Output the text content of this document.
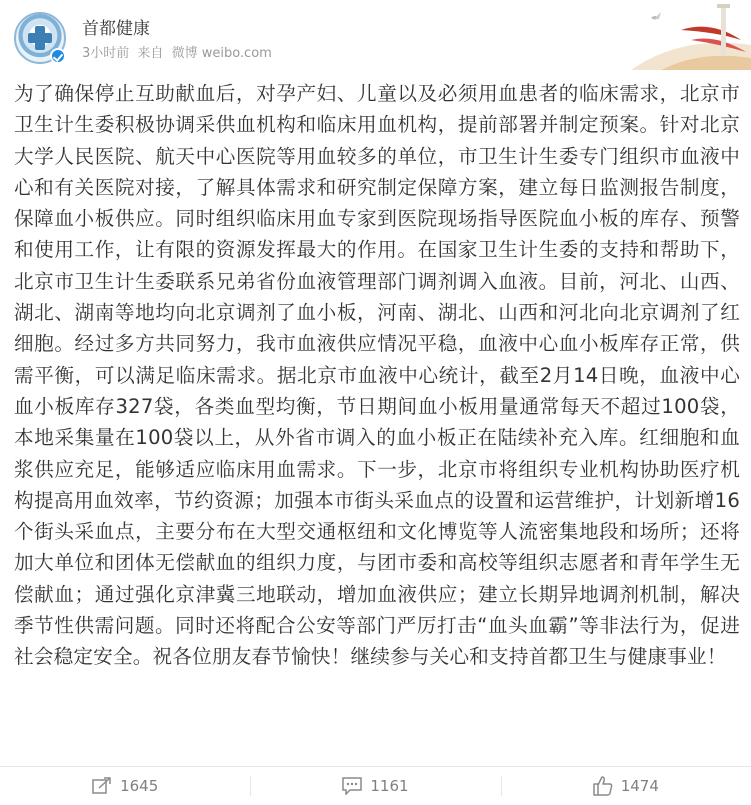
首都健康
3小时前 来自 微博 weibo.com
为了确保停止互助献血后，对孕产妇、儿童以及必须用血患者的临床需求，北京市卫生计生委积极协调采供血机构和临床用血机构，提前部署并制定预案。针对北京大学人民医院、航天中心医院等用血较多的单位，市卫生计生委专门组织市血液中心和有关医院对接，了解具体需求和研究制定保障方案，建立每日监测报告制度，保障血小板供应。同时组织临床用血专家到医院现场指导医院血小板的库存、预警和使用工作，让有限的资源发挥最大的作用。在国家卫生计生委的支持和帮助下，北京市卫生计生委联系兄弟省份血液管理部门调剂调入血液。目前，河北、山西、湖北、湖南等地均向北京调剂了血小板，河南、湖北、山西和河北向北京调剂了红细胞。经过多方共同努力，我市血液供应情况平稳，血液中心血小板库存正常，供需平衡，可以满足临床需求。据北京市血液中心统计，截至2月14日晚，血液中心血小板库存327袋，各类血型均衡，节日期间血小板用量通常每天不超过100袋，本地采集量在100袋以上，从外省市调入的血小板正在陆续补充入库。红细胞和血浆供应充足，能够适应临床用血需求。下一步，北京市将组织专业机构协助医疗机构提高用血效率，节约资源；加强本市街头采血点的设置和运营维护，计划新增16个街头采血点，主要分布在大型交通枢纽和文化博览等人流密集地段和场所；还将加大单位和团体无偿献血的组织力度，与团市委和高校等组织志愿者和青年学生无偿献血；通过强化京津冀三地联动，增加血液供应；建立长期异地调剂机制，解决季节性供需问题。同时还将配合公安等部门严厉打击“血头血霸”等非法行为，促进社会稳定安全。祝各位朋友春节愉快！继续参与关心和支持首都卫生与健康事业！
1645	1161	1474
